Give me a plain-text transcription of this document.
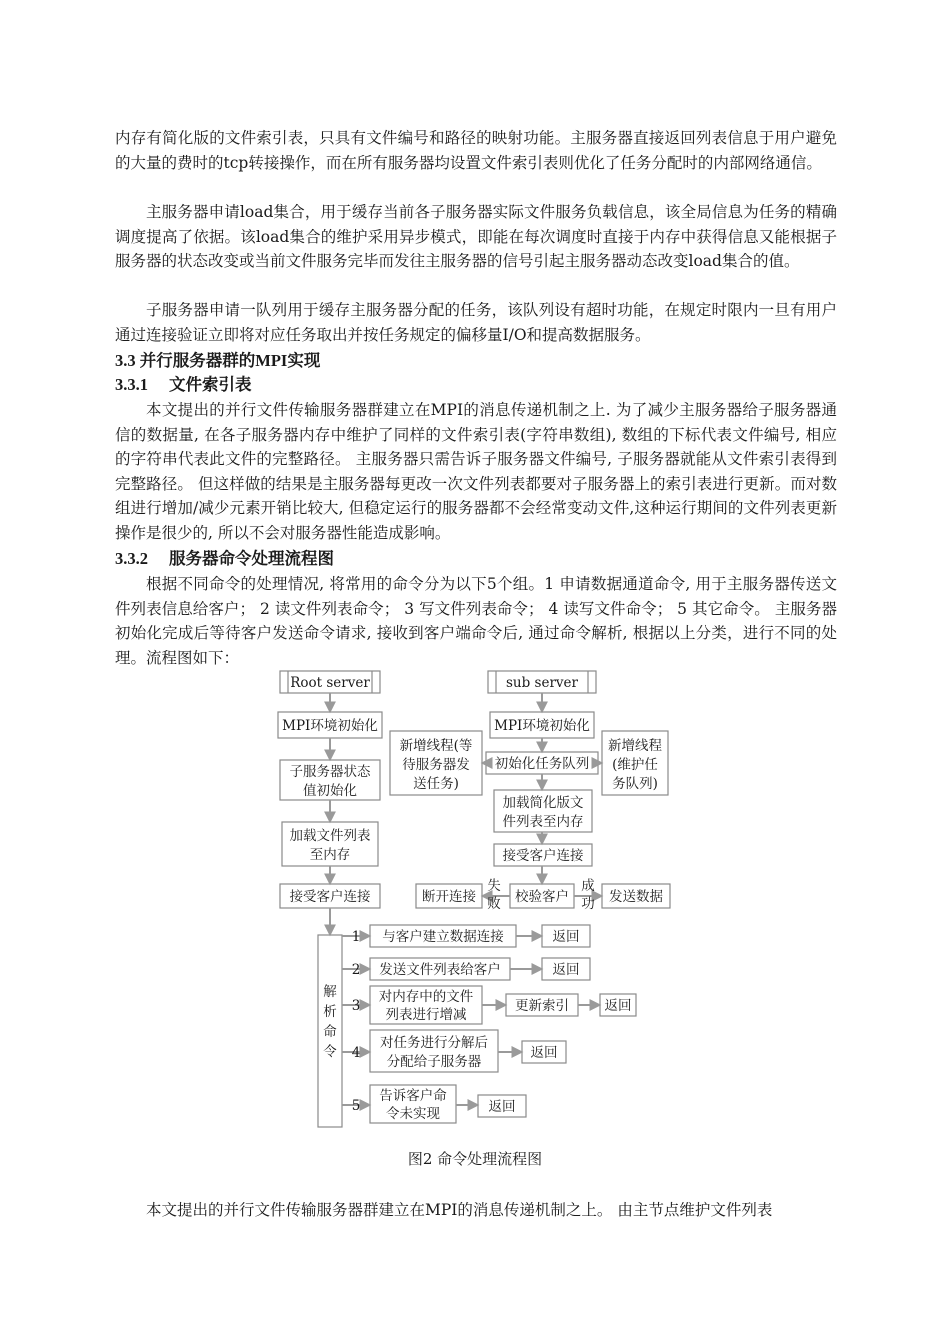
内存有简化版的文件索引表，只具有文件编号和路径的映射功能。主服务器直接返回列表信息于用户避免的大量的费时的tcp转接操作，而在所有服务器均设置文件索引表则优化了任务分配时的内部网络通信。

主服务器申请load集合，用于缓存当前各子服务器实际文件服务负载信息，该全局信息为任务的精确调度提高了依据。该load集合的维护采用异步模式，即能在每次调度时直接于内存中获得信息又能根据子服务器的状态改变或当前文件服务完毕而发往主服务器的信号引起主服务器动态改变load集合的值。

子服务器申请一队列用于缓存主服务器分配的任务，该队列设有超时功能，在规定时限内一旦有用户通过连接验证立即将对应任务取出并按任务规定的偏移量I/O和提高数据服务。

3.3 并行服务器群的MPI实现
3.3.1 文件索引表

本文提出的并行文件传输服务器群建立在MPI的消息传递机制之上. 为了减少主服务器给子服务器通信的数据量, 在各子服务器内存中维护了同样的文件索引表(字符串数组), 数组的下标代表文件编号, 相应的字符串代表此文件的完整路径。 主服务器只需告诉子服务器文件编号, 子服务器就能从文件索引表得到完整路径。 但这样做的结果是主服务器每更改一次文件列表都要对子服务器上的索引表进行更新。而对数组进行增加/减少元素开销比较大, 但稳定运行的服务器都不会经常变动文件,这种运行期间的文件列表更新操作是很少的, 所以不会对服务器性能造成影响。

3.3.2 服务器命令处理流程图

根据不同命令的处理情况, 将常用的命令分为以下5个组。1 申请数据通道命令, 用于主服务器传送文件列表信息给客户； 2 读文件列表命令； 3 写文件列表命令； 4 读写文件命令； 5 其它命令。 主服务器初始化完成后等待客户发送命令请求, 接收到客户端命令后, 通过命令解析, 根据以上分类，进行不同的处理。流程图如下：

Root server
MPI环境初始化
子服务器状态
值初始化
加载文件列表
至内存
接受客户连接
解
析
命
令
sub server
MPI环境初始化
初始化任务队列
新增线程(等
待服务器发
送任务)
新增线程
(维护任
务队列)
加载简化版文
件列表至内存
接受客户连接
校验客户
断开连接	发送数据
失
败
成
功
1
2
3
4
5
与客户建立数据连接	返回
发送文件列表给客户	返回
对内存中的文件
列表进行增减
更新索引	返回
对任务进行分解后
分配给子服务器
返回
告诉客户命
令未实现	返回
图2 命令处理流程图

本文提出的并行文件传输服务器群建立在MPI的消息传递机制之上。 由主节点维护文件列表
